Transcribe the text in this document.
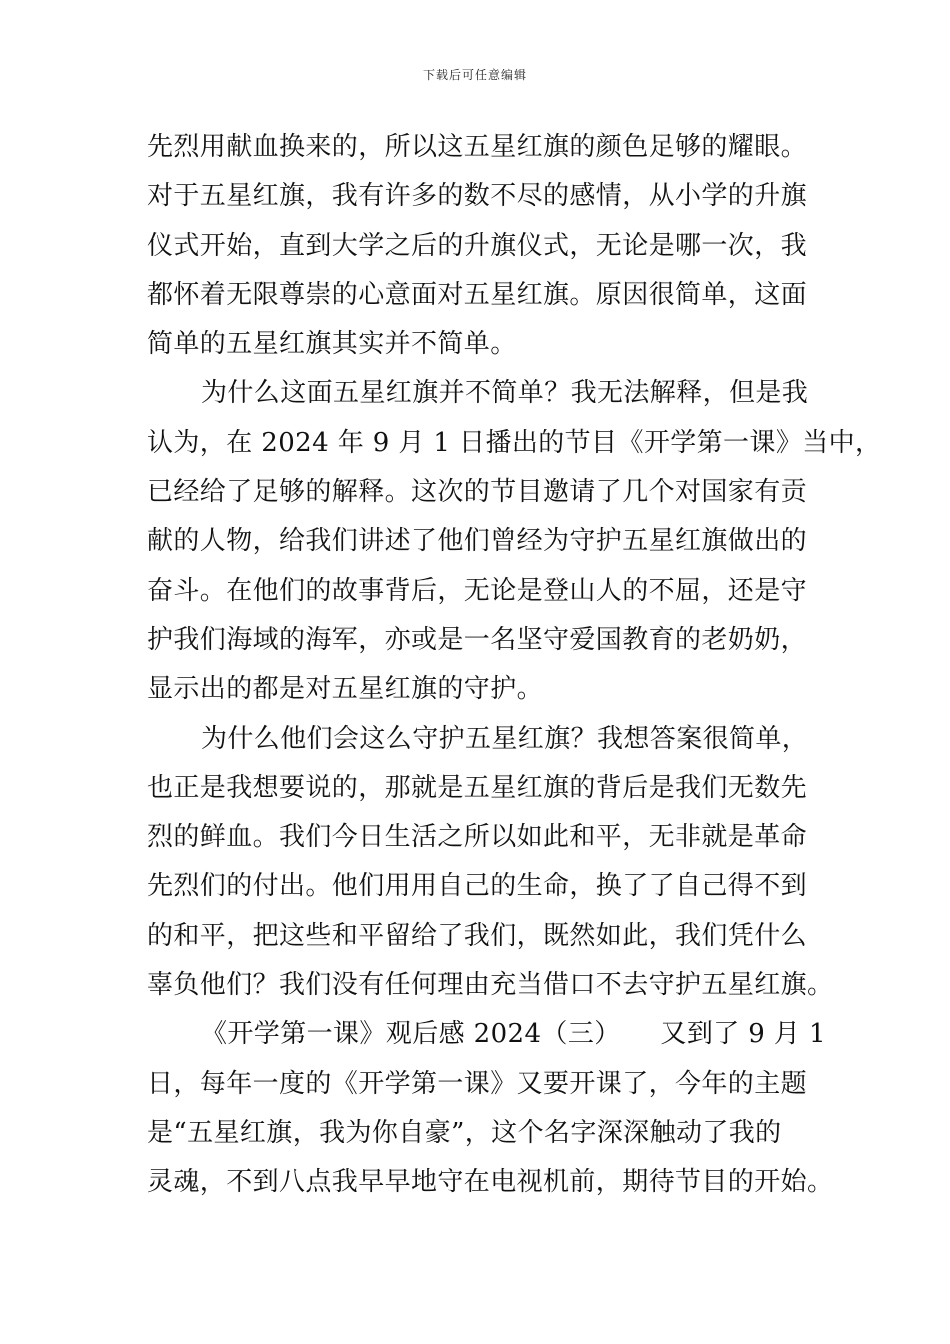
下载后可任意编辑
先烈用献血换来的，所以这五星红旗的颜色足够的耀眼。
对于五星红旗，我有许多的数不尽的感情，从小学的升旗
仪式开始，直到大学之后的升旗仪式，无论是哪一次，我
都怀着无限尊崇的心意面对五星红旗。原因很简单，这面
简单的五星红旗其实并不简单。
为什么这面五星红旗并不简单？我无法解释，但是我
认为，在 2024 年 9 月 1 日播出的节目《开学第一课》当中，
已经给了足够的解释。这次的节目邀请了几个对国家有贡
献的人物，给我们讲述了他们曾经为守护五星红旗做出的
奋斗。在他们的故事背后，无论是登山人的不屈，还是守
护我们海域的海军，亦或是一名坚守爱国教育的老奶奶，
显示出的都是对五星红旗的守护。
为什么他们会这么守护五星红旗？我想答案很简单，
也正是我想要说的，那就是五星红旗的背后是我们无数先
烈的鲜血。我们今日生活之所以如此和平，无非就是革命
先烈们的付出。他们用用自己的生命，换了了自己得不到
的和平，把这些和平留给了我们，既然如此，我们凭什么
辜负他们？我们没有任何理由充当借口不去守护五星红旗。
《开学第一课》观后感 2024（三）　　又到了 9 月 1
日，每年一度的《开学第一课》又要开课了，今年的主题
是“五星红旗，我为你自豪”，这个名字深深触动了我的
灵魂，不到八点我早早地守在电视机前，期待节目的开始。
